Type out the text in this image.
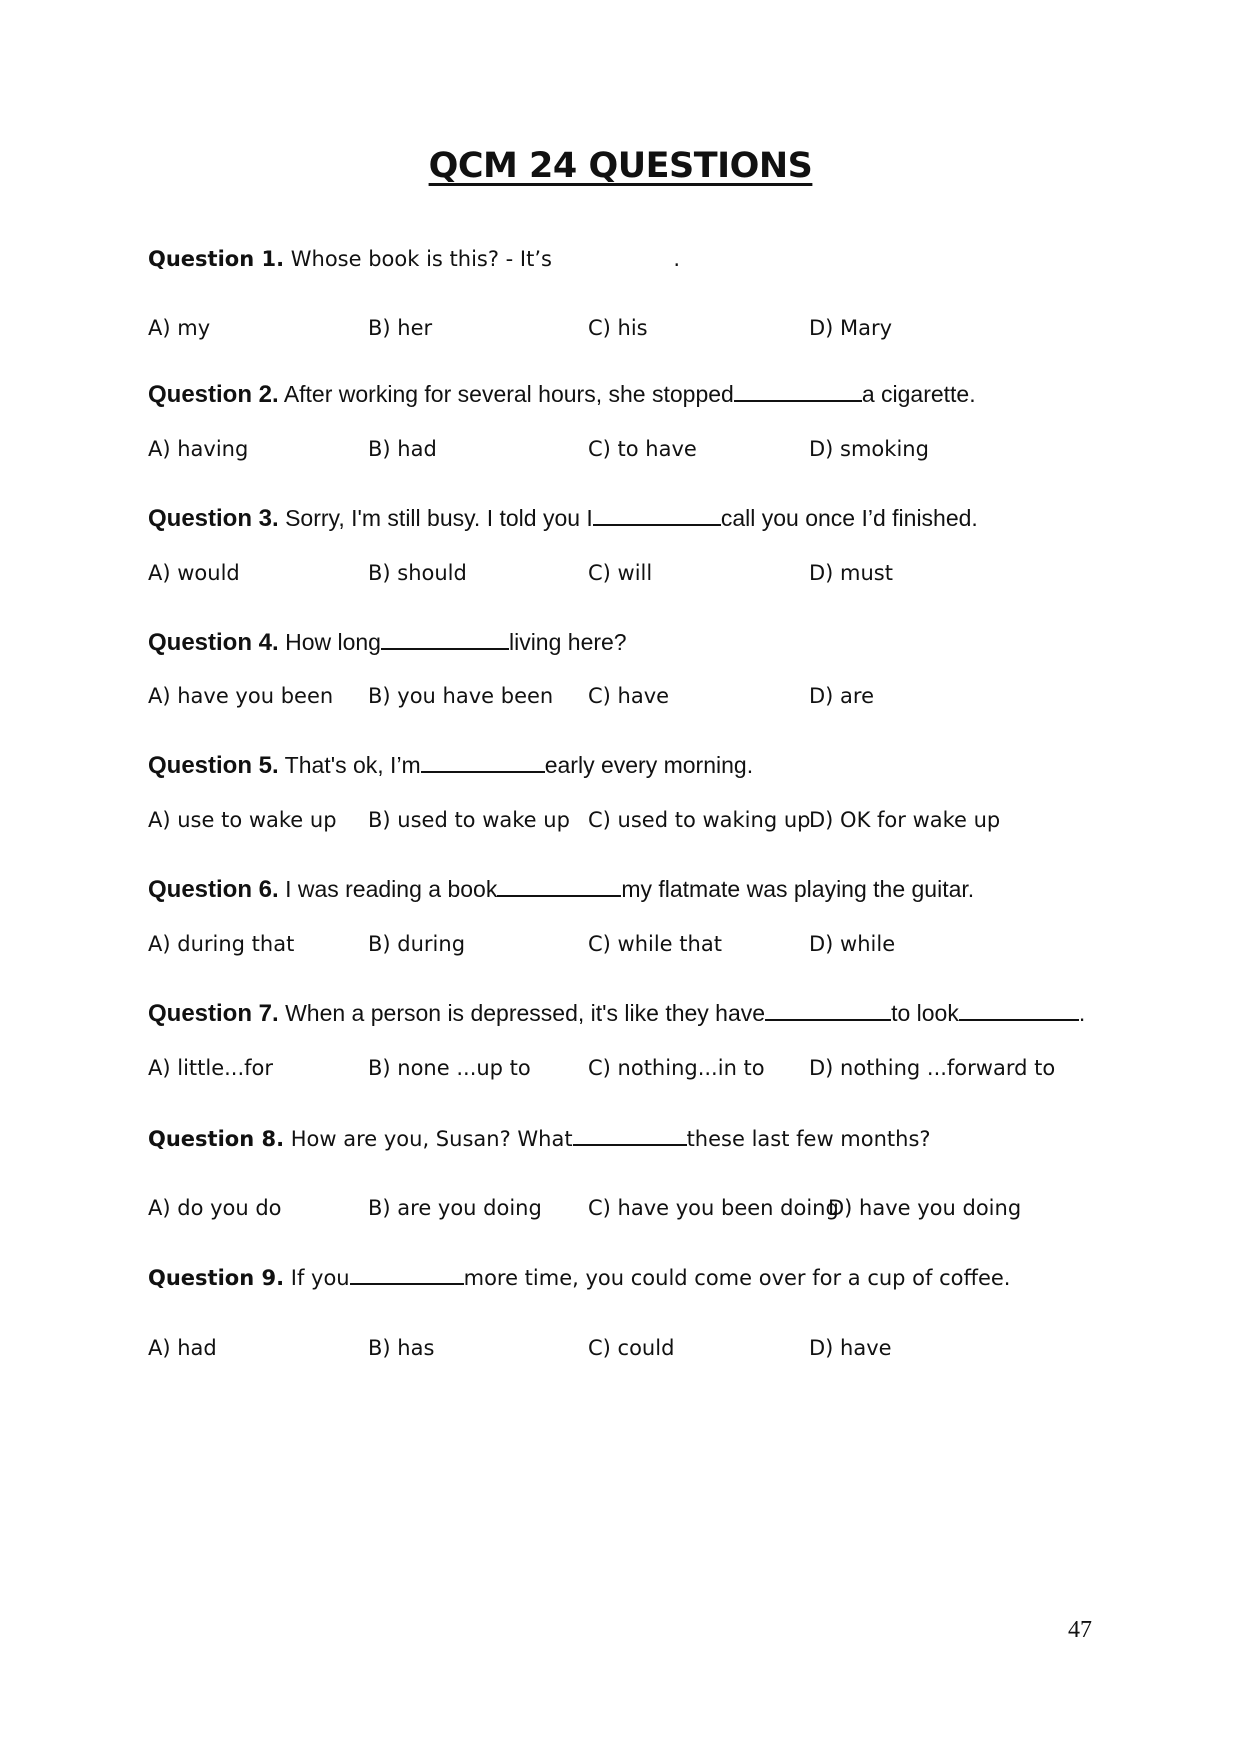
QCM 24 QUESTIONS
Question 1. Whose book is this? - It’s	.
A) my	B) her	C) his	D) Mary
Question 2. After working for several hours, she stopped	a cigarette.
A) having	B) had	C) to have	D) smoking
Question 3. Sorry, I'm still busy. I told you I	call you once I’d finished.
A) would	B) should	C) will	D) must
Question 4. How long	living here?
A) have you been B) you have been C) have	D) are
Question 5. That's ok, I’m	early every morning.
A) use to wake up B) used to wake up C) used to waking up
D) OK for wake up
Question 6. I was reading a book	my flatmate was playing the guitar.
A) during that	B) during	C) while that	D) while
Question 7. When a person is depressed, it's like they have	to look	.
A) little...for	B) none ...up to	C) nothing...in to D) nothing ...forward to
Question 8. How are you, Susan? What	these last few months?
A) do you do	B) are you doing C) have you been doing
D) have you doing
Question 9. If you	more time, you could come over for a cup of coffee.
A) had	B) has	C) could	D) have
47
